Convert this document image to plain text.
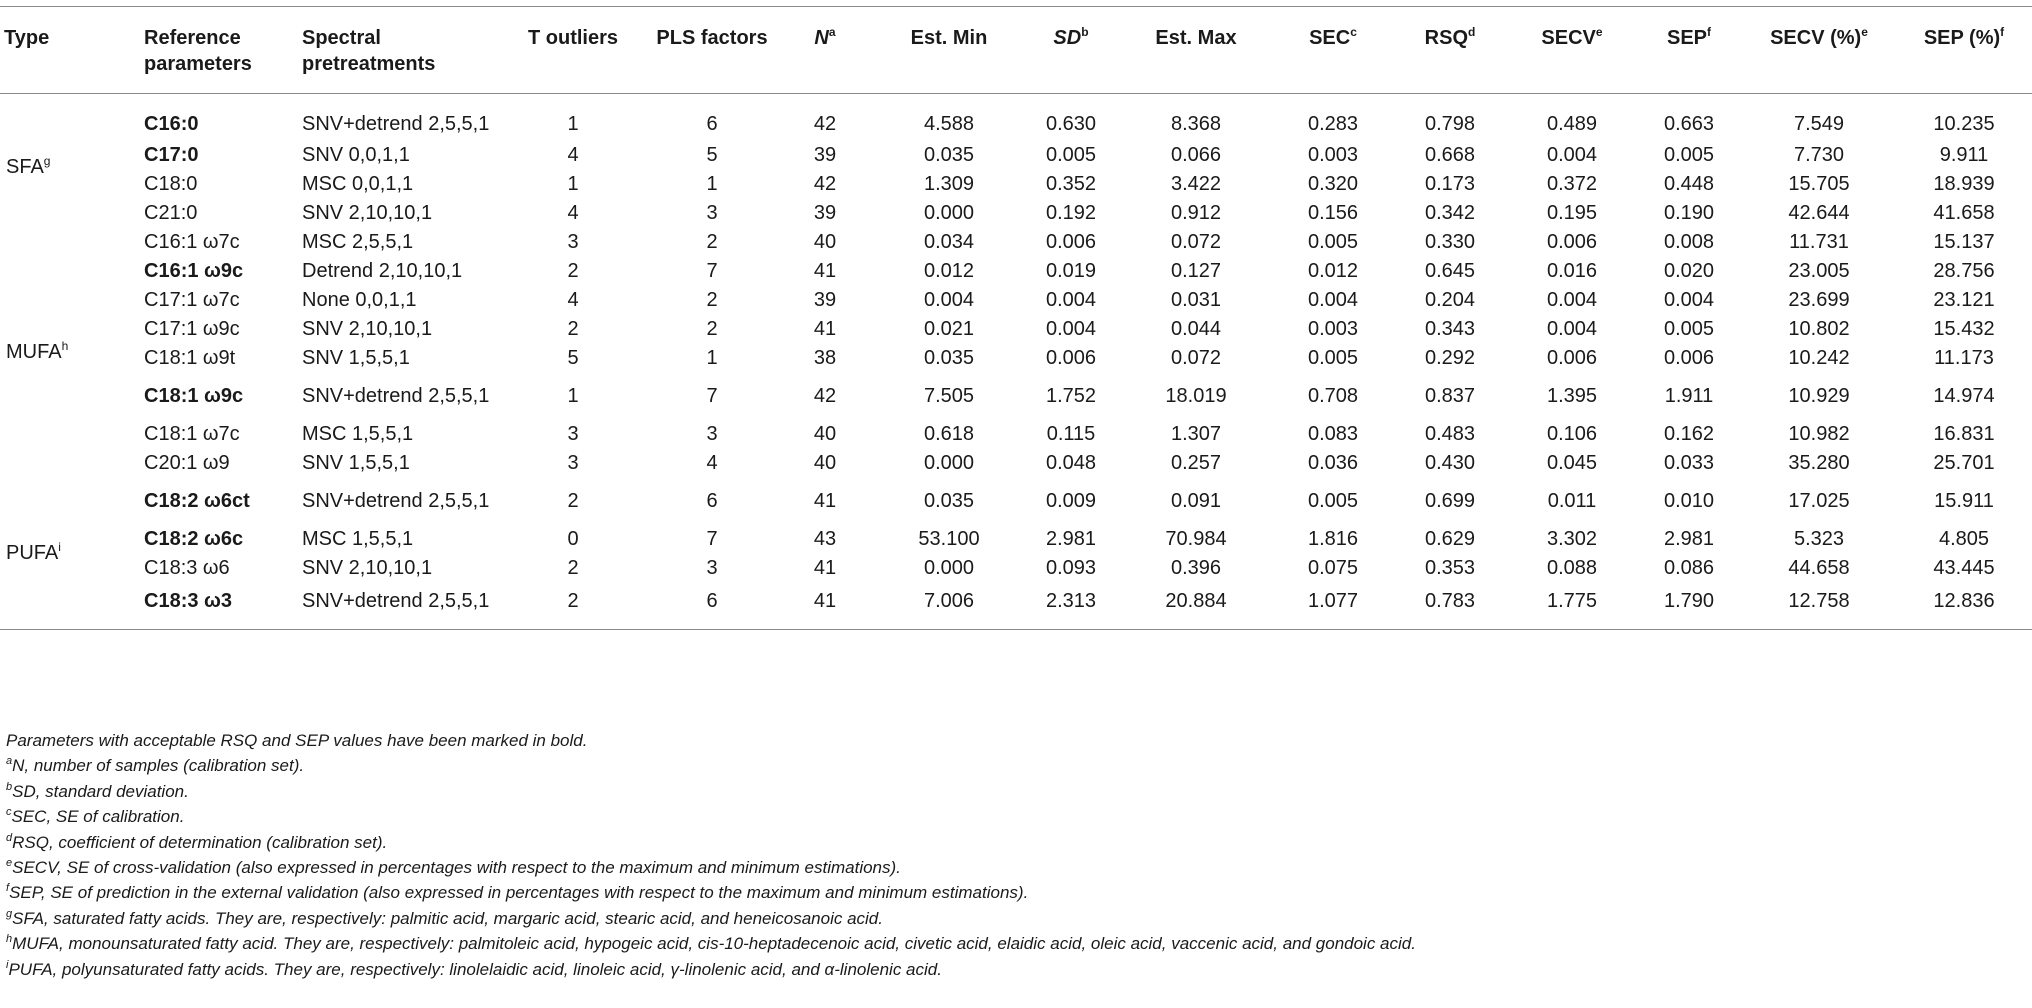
Type	Reference parameters	Spectral pretreatments	T outliers	PLS factors	$N^a$	Est. Min	$SD^b$	Est. Max	SEC$^c$	RSQ$^d$	SECV$^e$	SEP$^f$	SECV (%)$^e$	SEP (%)$^f$
SFA$^g$	C16:0	SNV+detrend 2,5,5,1	1	6	42	4.588	0.630	8.368	0.283	0.798	0.489	0.663	7.549	10.235
	C17:0	SNV 0,0,1,1	4	5	39	0.035	0.005	0.066	0.003	0.668	0.004	0.005	7.730	9.911
	C18:0	MSC 0,0,1,1	1	1	42	1.309	0.352	3.422	0.320	0.173	0.372	0.448	15.705	18.939
	C21:0	SNV 2,10,10,1	4	3	39	0.000	0.192	0.912	0.156	0.342	0.195	0.190	42.644	41.658
MUFA$^h$	C16:1 ω7c	MSC 2,5,5,1	3	2	40	0.034	0.006	0.072	0.005	0.330	0.006	0.008	11.731	15.137
	C16:1 ω9c	Detrend 2,10,10,1	2	7	41	0.012	0.019	0.127	0.012	0.645	0.016	0.020	23.005	28.756
	C17:1 ω7c	None 0,0,1,1	4	2	39	0.004	0.004	0.031	0.004	0.204	0.004	0.004	23.699	23.121
	C17:1 ω9c	SNV 2,10,10,1	2	2	41	0.021	0.004	0.044	0.003	0.343	0.004	0.005	10.802	15.432
	C18:1 ω9t	SNV 1,5,5,1	5	1	38	0.035	0.006	0.072	0.005	0.292	0.006	0.006	10.242	11.173
	C18:1 ω9c	SNV+detrend 2,5,5,1	1	7	42	7.505	1.752	18.019	0.708	0.837	1.395	1.911	10.929	14.974
	C18:1 ω7c	MSC 1,5,5,1	3	3	40	0.618	0.115	1.307	0.083	0.483	0.106	0.162	10.982	16.831
	C20:1 ω9	SNV 1,5,5,1	3	4	40	0.000	0.048	0.257	0.036	0.430	0.045	0.033	35.280	25.701
PUFA$^i$	C18:2 ω6ct	SNV+detrend 2,5,5,1	2	6	41	0.035	0.009	0.091	0.005	0.699	0.011	0.010	17.025	15.911
	C18:2 ω6c	MSC 1,5,5,1	0	7	43	53.100	2.981	70.984	1.816	0.629	3.302	2.981	5.323	4.805
	C18:3 ω6	SNV 2,10,10,1	2	3	41	0.000	0.093	0.396	0.075	0.353	0.088	0.086	44.658	43.445
	C18:3 ω3	SNV+detrend 2,5,5,1	2	6	41	7.006	2.313	20.884	1.077	0.783	1.775	1.790	12.758	12.836
Parameters with acceptable RSQ and SEP values have been marked in bold.
$^a$N, number of samples (calibration set).
$^b$SD, standard deviation.
$^c$SEC, SE of calibration.
$^d$RSQ, coefficient of determination (calibration set).
$^e$SECV, SE of cross-validation (also expressed in percentages with respect to the maximum and minimum estimations).
$^f$SEP, SE of prediction in the external validation (also expressed in percentages with respect to the maximum and minimum estimations).
$^g$SFA, saturated fatty acids. They are, respectively: palmitic acid, margaric acid, stearic acid, and heneicosanoic acid.
$^h$MUFA, monounsaturated fatty acid. They are, respectively: palmitoleic acid, hypogeic acid, cis-10-heptadecenoic acid, civetic acid, elaidic acid, oleic acid, vaccenic acid, and gondoic acid.
$^i$PUFA, polyunsaturated fatty acids. They are, respectively: linolelaidic acid, linoleic acid, γ-linolenic acid, and α-linolenic acid.
